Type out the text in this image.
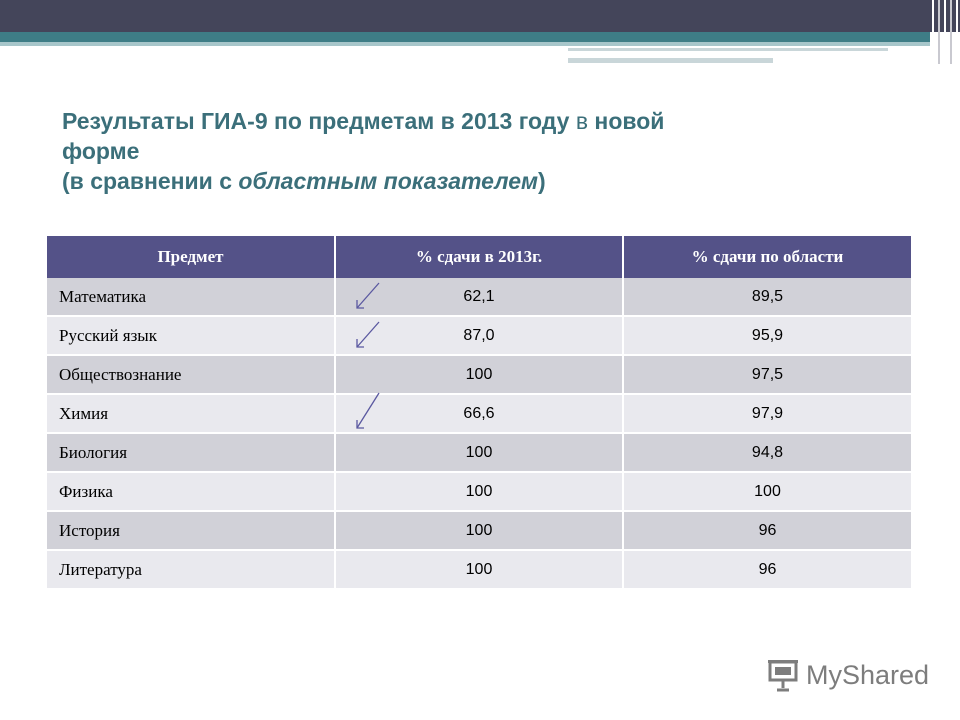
Результаты ГИА-9 по предметам в 2013 году в новой
форме
(в сравнении с областным показателем)
Предмет	% сдачи в 2013г.	% сдачи по области
Математика	62,1	89,5
Русский язык	87,0	95,9
Обществознание	100	97,5
Химия	66,6	97,9
Биология	100	94,8
Физика	100	100
История	100	96
Литература	100	96
MyShared
